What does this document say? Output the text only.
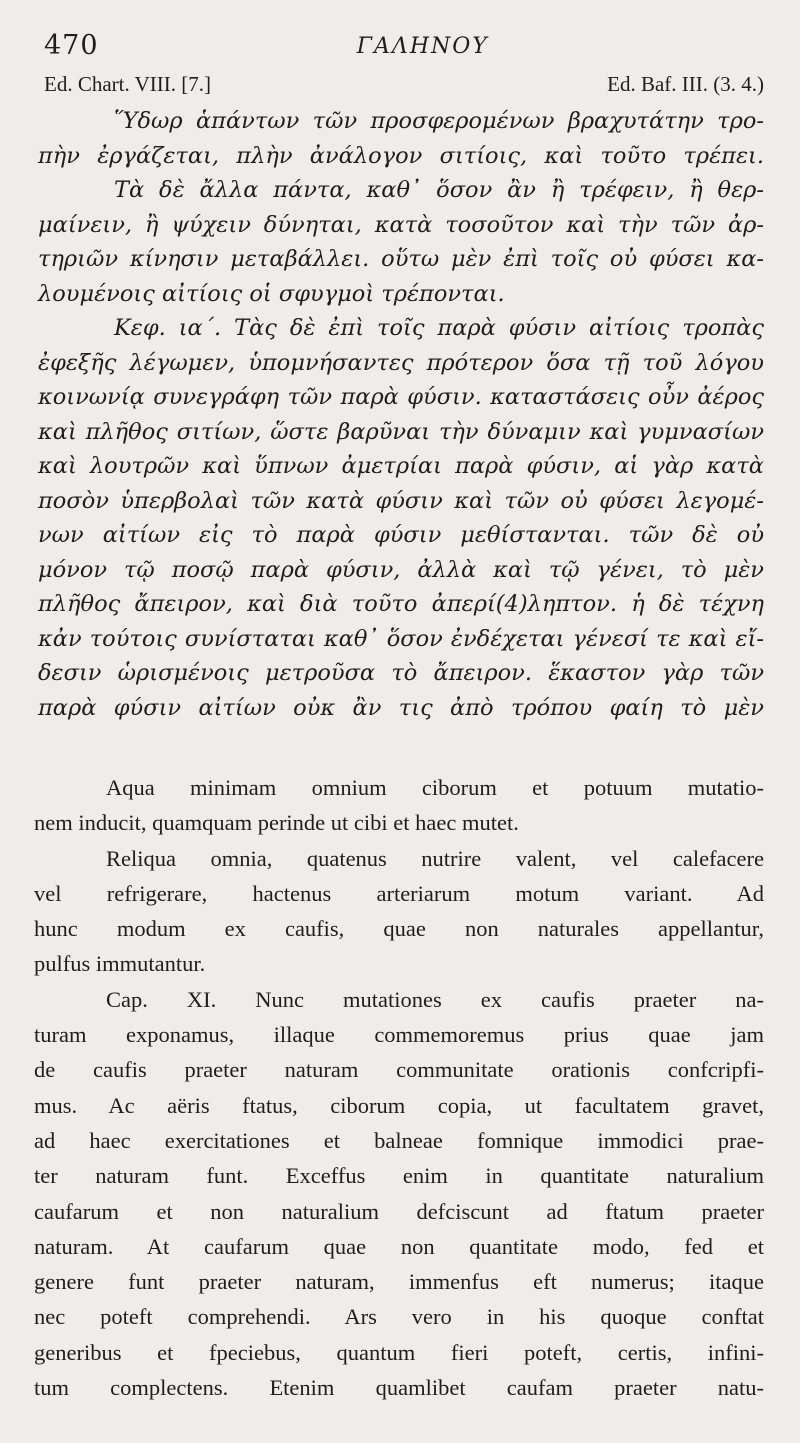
470	ΓΑΛΗΝΟΥ
Ed. Chart. VIII. [7.]	Ed. Baf. III. (3. 4.)
Ὕδωρ ἁπάντων τῶν προσφερομένων βραχυτάτην τρο-
πὴν ἐργάζεται, πλὴν ἀνάλογον σιτίοις, καὶ τοῦτο τρέπει.
Τὰ δὲ ἄλλα πάντα, καθ᾽ ὅσον ἂν ἢ τρέφειν, ἢ θερ-
μαίνειν, ἢ ψύχειν δύνηται, κατὰ τοσοῦτον καὶ τὴν τῶν ἀρ-
τηριῶν κίνησιν μεταβάλλει. οὕτω μὲν ἐπὶ τοῖς οὐ φύσει κα-
λουμένοις αἰτίοις οἱ σφυγμοὶ τρέπονται.
Κεφ. ια΄. Τὰς δὲ ἐπὶ τοῖς παρὰ φύσιν αἰτίοις τροπὰς
ἐφεξῆς λέγωμεν, ὑπομνήσαντες πρότερον ὅσα τῇ τοῦ λόγου
κοινωνίᾳ συνεγράφη τῶν παρὰ φύσιν. καταστάσεις οὖν ἀέρος
καὶ πλῆθος σιτίων, ὥστε βαρῦναι τὴν δύναμιν καὶ γυμνασίων
καὶ λουτρῶν καὶ ὕπνων ἀμετρίαι παρὰ φύσιν, αἱ γὰρ κατὰ
ποσὸν ὑπερβολαὶ τῶν κατὰ φύσιν καὶ τῶν οὐ φύσει λεγομέ-
νων αἰτίων εἰς τὸ παρὰ φύσιν μεθίστανται. τῶν δὲ οὐ
μόνον τῷ ποσῷ παρὰ φύσιν, ἀλλὰ καὶ τῷ γένει, τὸ μὲν
πλῆθος ἄπειρον, καὶ διὰ τοῦτο ἀπερί(4)ληπτον. ἡ δὲ τέχνη
κἀν τούτοις συνίσταται καθ᾽ ὅσον ἐνδέχεται γένεσί τε καὶ εἴ-
δεσιν ὡρισμένοις μετροῦσα τὸ ἄπειρον. ἕκαστον γὰρ τῶν
παρὰ φύσιν αἰτίων οὐκ ἂν τις ἀπὸ τρόπου φαίη τὸ μὲν
Aqua minimam omnium ciborum et potuum mutatio-
nem inducit, quamquam perinde ut cibi et haec mutet.
Reliqua omnia, quatenus nutrire valent, vel calefacere
vel refrigerare, hactenus arteriarum motum variant. Ad
hunc modum ex caufis, quae non naturales appellantur,
pulfus immutantur.
Cap. XI. Nunc mutationes ex caufis praeter na-
turam exponamus, illaque commemoremus prius quae jam
de caufis praeter naturam communitate orationis confcripfi-
mus. Ac aëris ftatus, ciborum copia, ut facultatem gravet,
ad haec exercitationes et balneae fomnique immodici prae-
ter naturam funt. Exceffus enim in quantitate naturalium
caufarum et non naturalium defciscunt ad ftatum praeter
naturam. At caufarum quae non quantitate modo, fed et
genere funt praeter naturam, immenfus eft numerus; itaque
nec poteft comprehendi. Ars vero in his quoque conftat
generibus et fpeciebus, quantum fieri poteft, certis, infini-
tum complectens. Etenim quamlibet caufam praeter natu-
